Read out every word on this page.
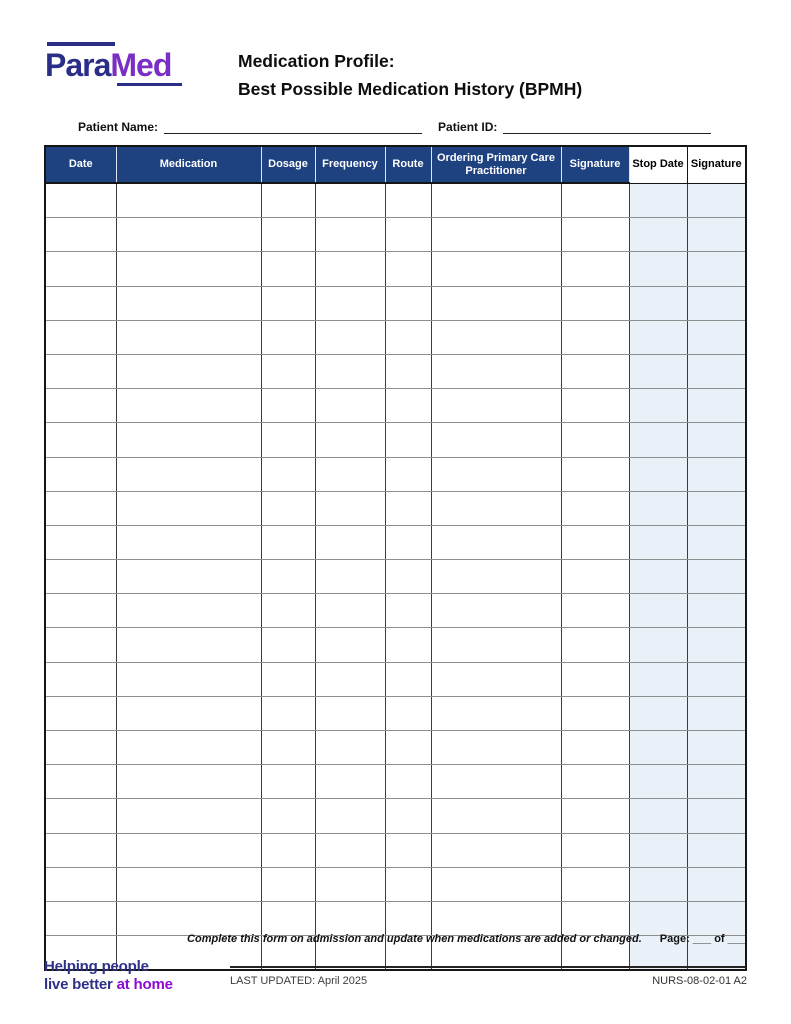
ParaMed	Medication Profile:
Best Possible Medication History (BPMH)
Patient Name:	Patient ID:
Date	Medication	Dosage	Frequency	Route	Ordering Primary Care Practitioner	Signature	Stop Date	Signature

Complete this form on admission and update when medications are added or changed. Page: ___ of ___
Helping people
live better at home	LAST UPDATED: April 2025	NURS-08-02-01 A2
